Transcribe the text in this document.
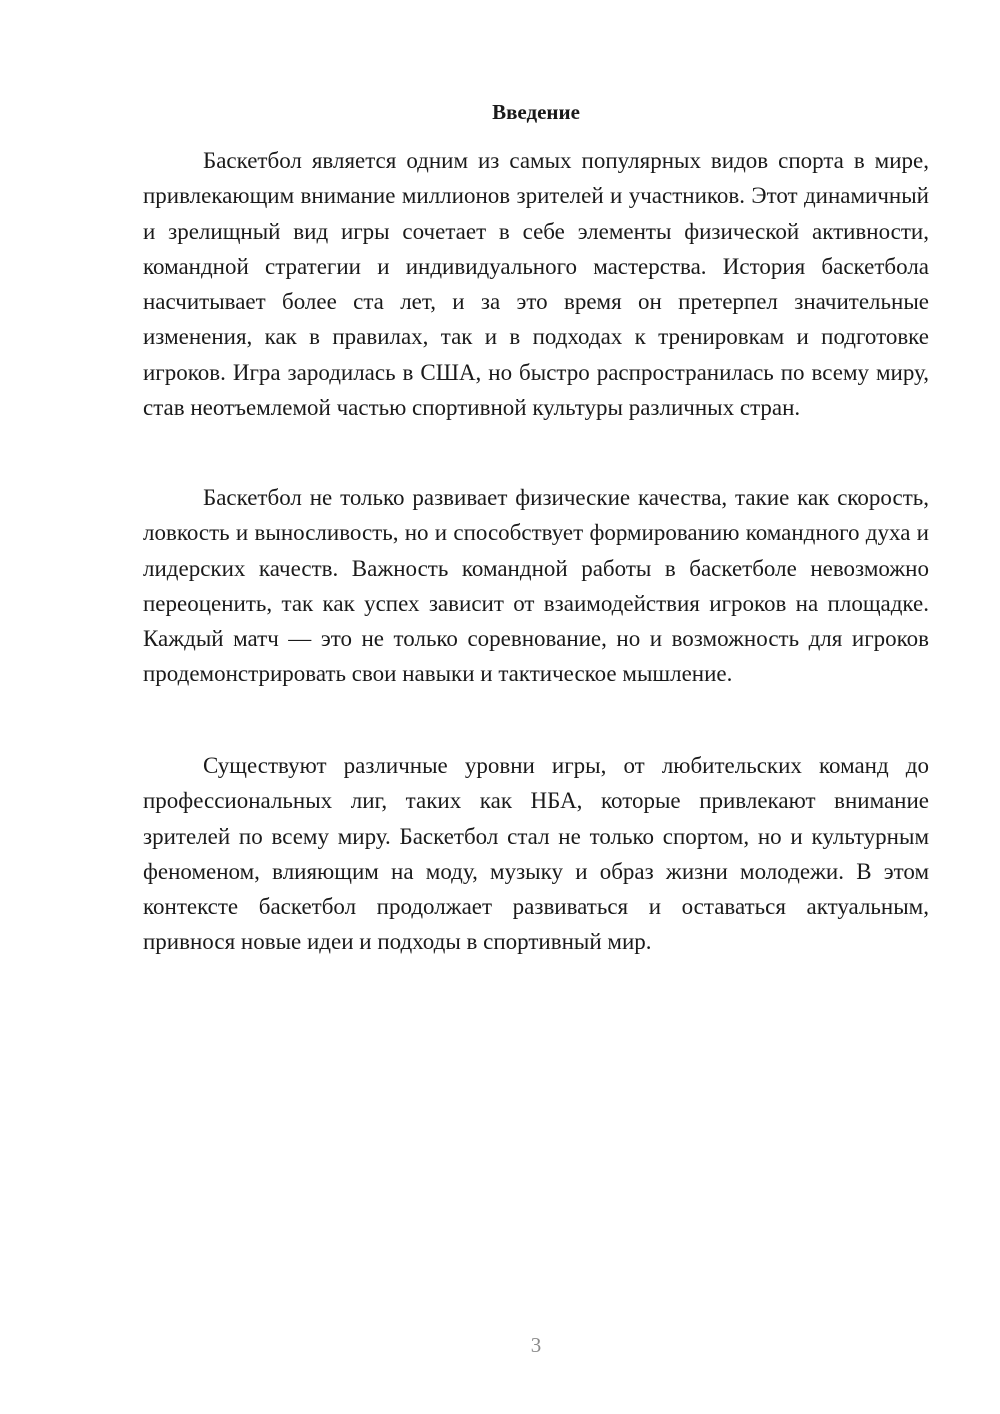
Введение

Баскетбол является одним из самых популярных видов спорта в мире, привлекающим внимание миллионов зрителей и участников. Этот динамичный и зрелищный вид игры сочетает в себе элементы физической активности, командной стратегии и индивидуального мастерства. История баскетбола насчитывает более ста лет, и за это время он претерпел значительные изменения, как в правилах, так и в подходах к тренировкам и подготовке игроков. Игра зародилась в США, но быстро распространилась по всему миру, став неотъемлемой частью спортивной культуры различных стран.

Баскетбол не только развивает физические качества, такие как скорость, ловкость и выносливость, но и способствует формированию командного духа и лидерских качеств. Важность командной работы в баскетболе невозможно переоценить, так как успех зависит от взаимодействия игроков на площадке. Каждый матч — это не только соревнование, но и возможность для игроков продемонстрировать свои навыки и тактическое мышление.

Существуют различные уровни игры, от любительских команд до профессиональных лиг, таких как НБА, которые привлекают внимание зрителей по всему миру. Баскетбол стал не только спортом, но и культурным феноменом, влияющим на моду, музыку и образ жизни молодежи. В этом контексте баскетбол продолжает развиваться и оставаться актуальным, привнося новые идеи и подходы в спортивный мир.

3
